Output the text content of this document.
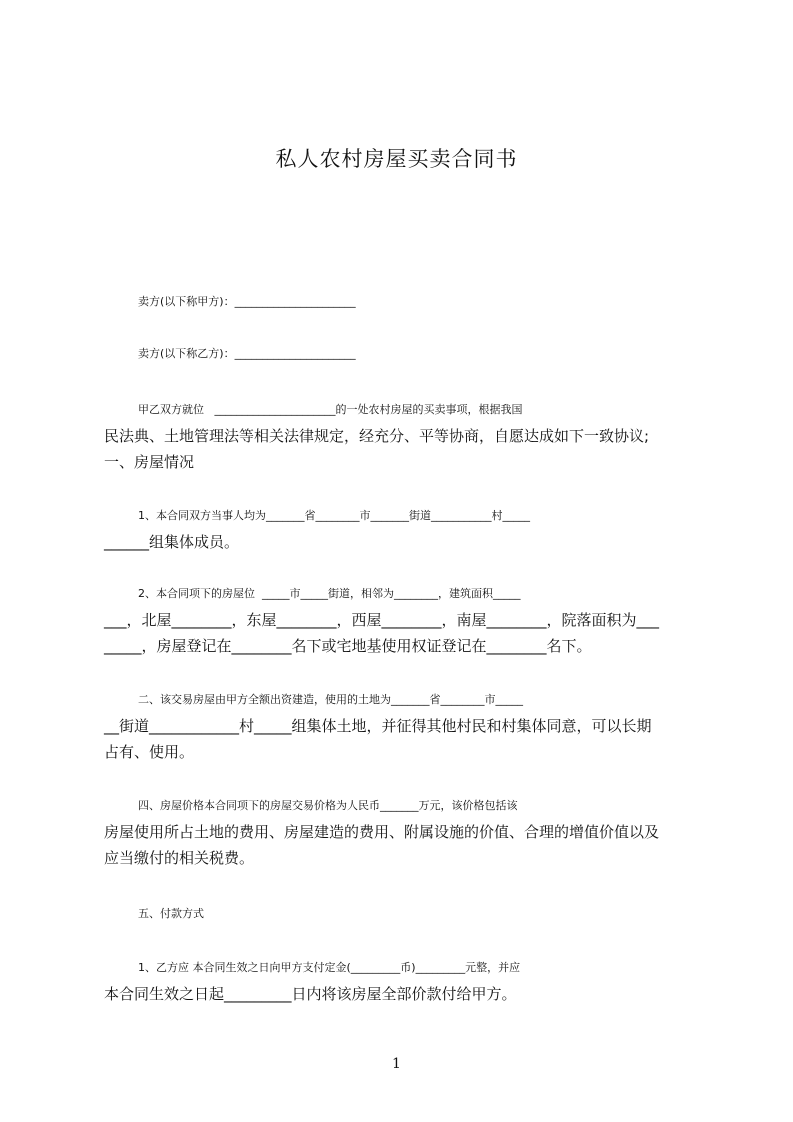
私人农村房屋买卖合同书

卖方(以下称甲方)：______________________

卖方(以下称乙方)：______________________

甲乙双方就位   ______________________的一处农村房屋的买卖事项，根据我国

民法典、土地管理法等相关法律规定，经充分、平等协商，自愿达成如下一致协议;

一、房屋情况

1、本合同双方当事人均为_______省________市_______街道___________村_____

______组集体成员。

2、本合同项下的房屋位  _____市_____街道，相邻为________，建筑面积_____

___，北屋________，东屋________，西屋________，南屋________，院落面积为___

_____，房屋登记在________名下或宅地基使用权证登记在________名下。

二、该交易房屋由甲方全额出资建造，使用的土地为_______省________市_____

__街道____________村_____组集体土地，并征得其他村民和村集体同意，可以长期

占有、使用。

四、房屋价格本合同项下的房屋交易价格为人民币_______万元，该价格包括该

房屋使用所占土地的费用、房屋建造的费用、附属设施的价值、合理的增值价值以及

应当缴付的相关税费。

五、付款方式

1、乙方应 本合同生效之日向甲方支付定金(_________币)_________元整，并应

本合同生效之日起_________日内将该房屋全部价款付给甲方。

1
